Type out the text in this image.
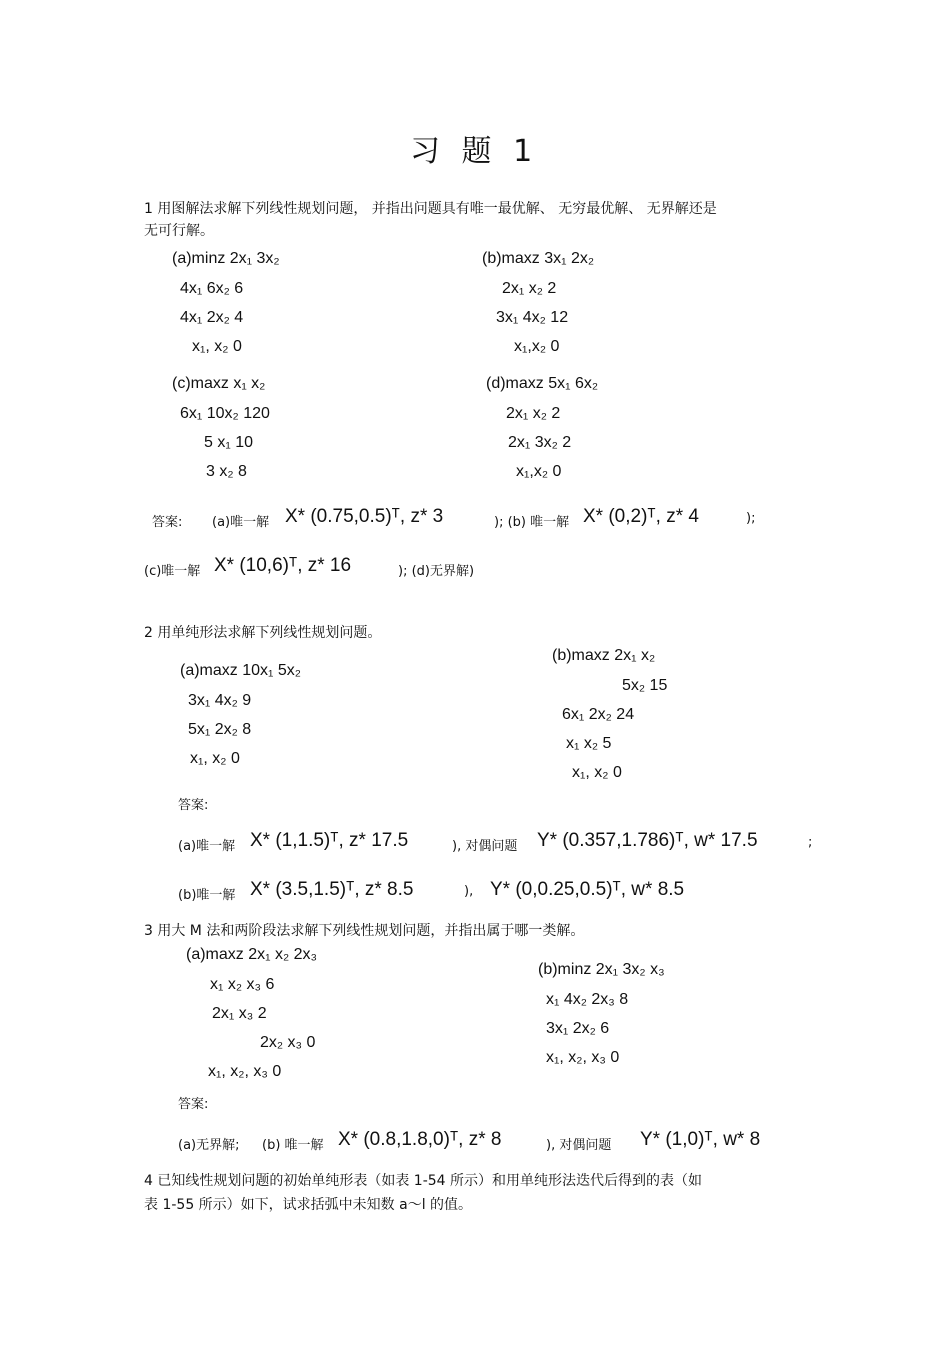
习 题 1
1 用图解法求解下列线性规划问题， 并指出问题具有唯一最优解、 无穷最优解、 无界解还是
无可行解。
(a)minz 2x₁ 3x₂
4x₁ 6x₂ 6
4x₁ 2x₂ 4
x₁, x₂ 0
(b)maxz 3x₁ 2x₂
2x₁ x₂ 2
3x₁ 4x₂ 12
x₁,x₂ 0
(c)maxz x₁ x₂
6x₁ 10x₂ 120
5 x₁ 10
3 x₂ 8
(d)maxz 5x₁ 6x₂
2x₁ x₂ 2
2x₁ 3x₂ 2
x₁,x₂ 0
答案: (a)唯一解 X* (0.75,0.5)ᵀ, z* 3	); (b) 唯一解 X* (0,2)ᵀ, z* 4	);
(c)唯一解 X* (10,6)ᵀ, z* 16	); (d)无界解)
2 用单纯形法求解下列线性规划问题。
(a)maxz 10x₁ 5x₂
3x₁ 4x₂ 9
5x₁ 2x₂ 8
x₁, x₂ 0
(b)maxz 2x₁ x₂
5x₂ 15
6x₁ 2x₂ 24
x₁ x₂ 5
x₁, x₂ 0
答案:
(a)唯一解 X* (1,1.5)ᵀ, z* 17.5	), 对偶问题 Y* (0.357,1.786)ᵀ, w* 17.5	;
(b)唯一解 X* (3.5,1.5)ᵀ, z* 8.5	), Y* (0,0.25,0.5)ᵀ, w* 8.5
3 用大 M 法和两阶段法求解下列线性规划问题，并指出属于哪一类解。
(a)maxz 2x₁ x₂ 2x₃
x₁ x₂ x₃ 6
2x₁ x₃ 2
2x₂ x₃ 0
x₁, x₂, x₃ 0
(b)minz 2x₁ 3x₂ x₃
x₁ 4x₂ 2x₃ 8
3x₁ 2x₂ 6
x₁, x₂, x₃ 0
答案:
(a)无界解; (b) 唯一解 X* (0.8,1.8,0)ᵀ, z* 8	), 对偶问题 Y* (1,0)ᵀ, w* 8
4 已知线性规划问题的初始单纯形表（如表 1-54 所示）和用单纯形法迭代后得到的表（如
表 1-55 所示）如下，试求括弧中未知数 a～l 的值。
